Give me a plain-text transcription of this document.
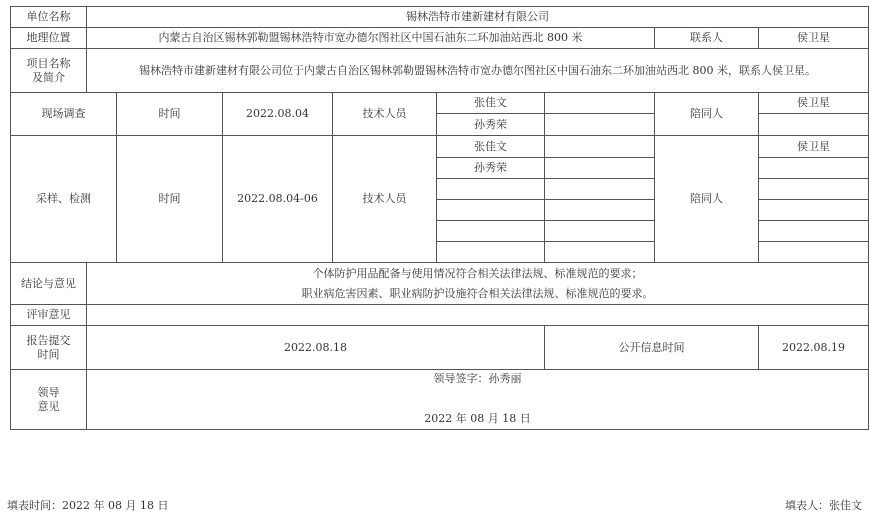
单位名称	锡林浩特市建新建材有限公司							
地理位置	内蒙古自治区锡林郭勒盟锡林浩特市宽办德尔图社区中国石油东二环加油站西北 800 米						联系人	侯卫星

项目名称
及简介	锡林浩特市建新建材有限公司位于内蒙古自治区锡林郭勒盟锡林浩特市宽办德尔图社区中国石油东二环加油站西北 800 米，联系人侯卫星。							
现场调查		时间	2022.08.04	技术人员	张佳文		陪同人	侯卫星
					孙秀荣			
采样、检测		时间	2022.08.04-06	技术人员	张佳文		陪同人	侯卫星
					孙秀荣			

结论与意见	个体防护用品配备与使用情况符合相关法律法规、标准规范的要求；
职业病危害因素、职业病防护设施符合相关法律法规、标准规范的要求。							

评审意见								

报告提交
时间	2022.08.18					公开信息时间		2022.08.19

领导
意见	领导签字：孙秀丽
2022 年 08 月 18 日							
填表时间：2022 年 08 月 18 日	填表人：张佳文
